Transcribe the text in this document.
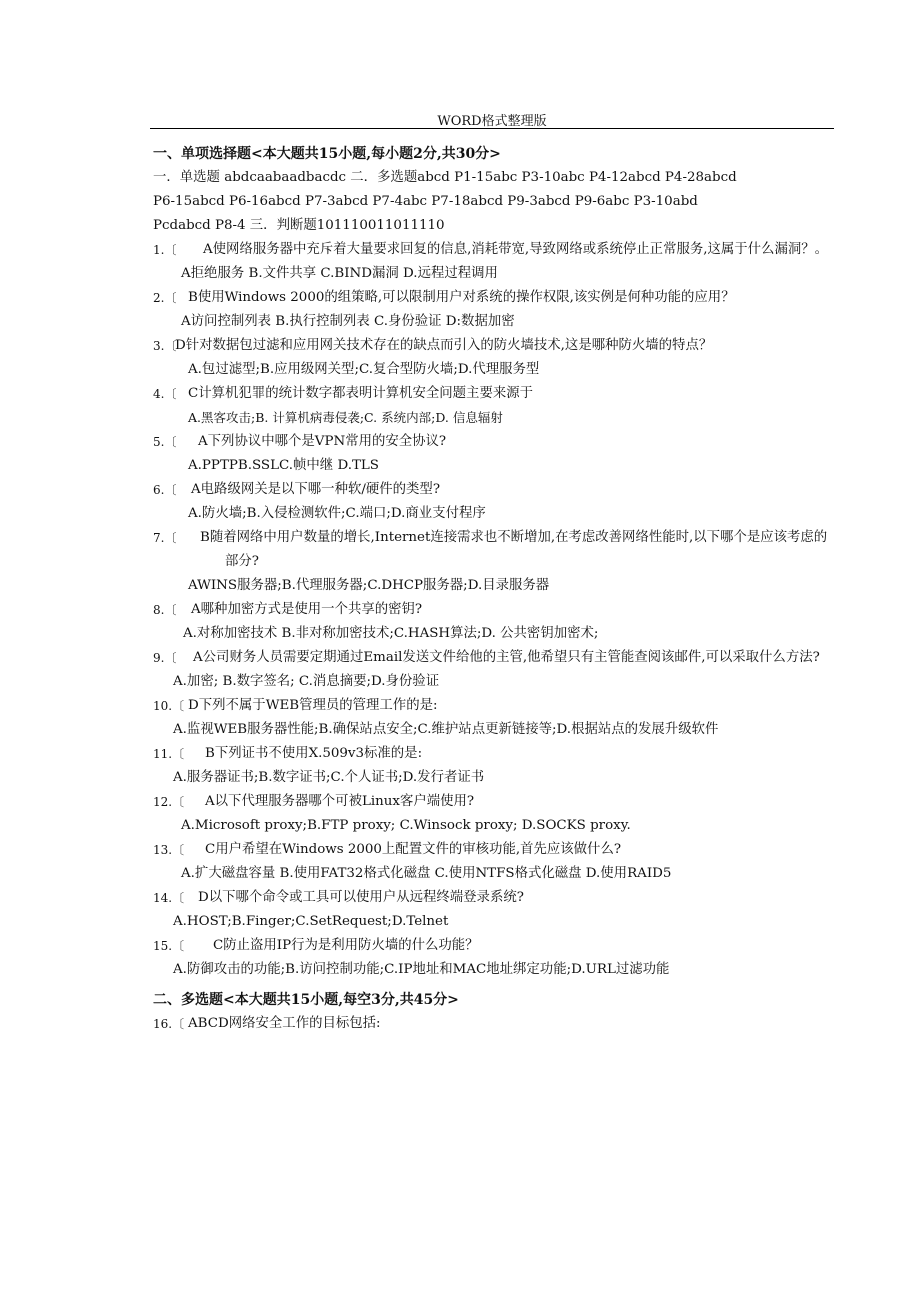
WORD格式整理版
一、单项选择题<本大题共15小题,每小题2分,共30分>
一．单选题 abdcaabaadbacdc 二．多选题abcd P1-15abc P3-10abc P4-12abcd P4-28abcd
P6-15abcd P6-16abcd P7-3abcd P7-4abc P7-18abcd P9-3abcd P9-6abc P3-10abd
Pcdabcd P8-4 三．判断题101110011011110
1.〔 A使网络服务器中充斥着大量要求回复的信息,消耗带宽,导致网络或系统停止正常服务,这属于什么漏洞？。
A拒绝服务 B.文件共享 C.BIND漏洞 D.远程过程调用
2.〔 B使用Windows 2000的组策略,可以限制用户对系统的操作权限,该实例是何种功能的应用？
A访问控制列表 B.执行控制列表 C.身份验证 D:数据加密
3.〔
D针对数据包过滤和应用网关技术存在的缺点而引入的防火墙技术,这是哪种防火墙的特点？
A.包过滤型;B.应用级网关型;C.复合型防火墙;D.代理服务型
4.〔 C计算机犯罪的统计数字都表明计算机安全问题主要来源于
A.黑客攻击;B. 计算机病毒侵袭;C. 系统内部;D. 信息辐射
5.〔 A下列协议中哪个是VPN常用的安全协议?
A.PPTPB.SSLC.帧中继 D.TLS
6.〔 A电路级网关是以下哪一种软/硬件的类型?
A.防火墙;B.入侵检测软件;C.端口;D.商业支付程序
7.〔 B随着网络中用户数量的增长,Internet连接需求也不断增加,在考虑改善网络性能时,以下哪个是应该考虑的部分?
AWINS服务器;B.代理服务器;C.DHCP服务器;D.目录服务器
8.〔 A哪种加密方式是使用一个共享的密钥?
A.对称加密技术 B.非对称加密技术;C.HASH算法;D. 公共密钥加密术;
9.〔 A公司财务人员需要定期通过Email发送文件给他的主管,他希望只有主管能查阅该邮件,可以采取什么方法?
A.加密; B.数字签名; C.消息摘要;D.身份验证
10.〔 D下列不属于WEB管理员的管理工作的是:
A.监视WEB服务器性能;B.确保站点安全;C.维护站点更新链接等;D.根据站点的发展升级软件
11.〔 B下列证书不使用X.509v3标准的是:
A.服务器证书;B.数字证书;C.个人证书;D.发行者证书
12.〔 A以下代理服务器哪个可被Linux客户端使用?
A.Microsoft proxy;B.FTP proxy; C.Winsock proxy; D.SOCKS proxy.
13.〔 C用户希望在Windows 2000上配置文件的审核功能,首先应该做什么?
A.扩大磁盘容量 B.使用FAT32格式化磁盘 C.使用NTFS格式化磁盘 D.使用RAID5
14.〔 D以下哪个命令或工具可以使用户从远程终端登录系统?
A.HOST;B.Finger;C.SetRequest;D.Telnet
15.〔 C防止盗用IP行为是利用防火墙的什么功能？
A.防御攻击的功能;B.访问控制功能;C.IP地址和MAC地址绑定功能;D.URL过滤功能
二、多选题<本大题共15小题,每空3分,共45分>
16.〔 ABCD网络安全工作的目标包括:
